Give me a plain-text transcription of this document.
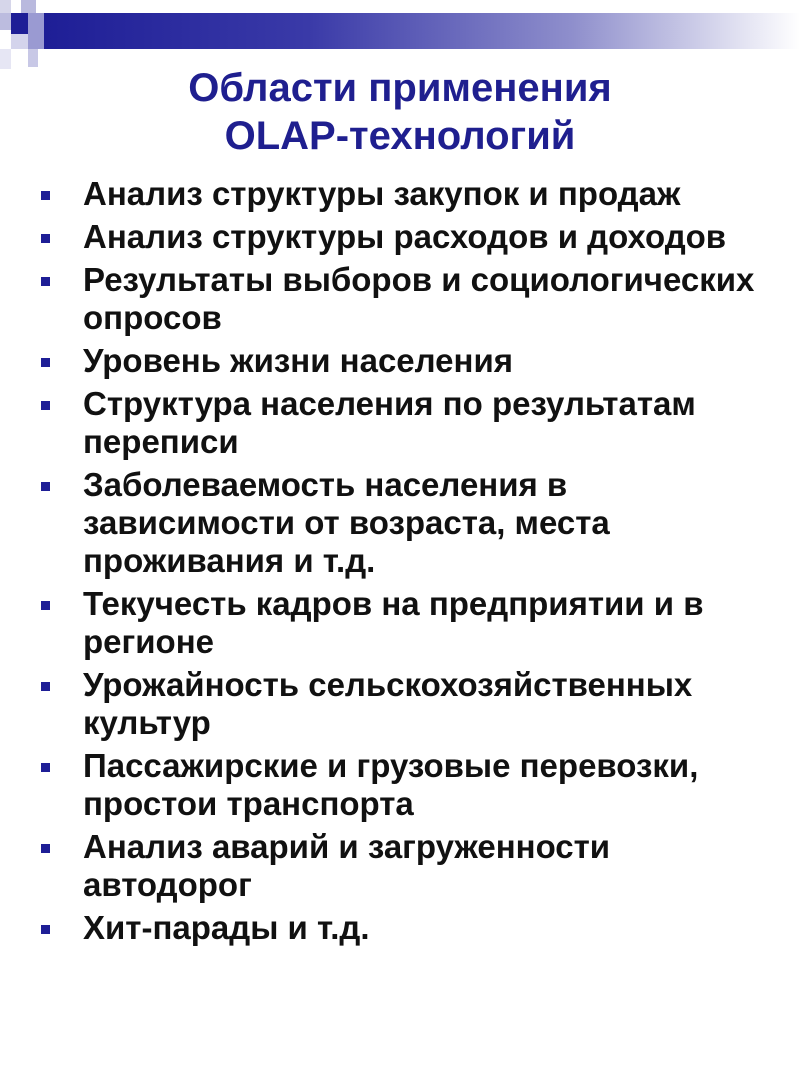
Области применения
OLAP-технологий
Анализ структуры закупок и продаж
Анализ структуры расходов и доходов
Результаты выборов и социологических опросов
Уровень жизни населения
Структура населения по результатам переписи
Заболеваемость населения в зависимости от возраста, места проживания и т.д.
Текучесть кадров на предприятии и в регионе
Урожайность сельскохозяйственных культур
Пассажирские и грузовые перевозки, простои транспорта
Анализ аварий и загруженности автодорог
Хит-парады и т.д.
